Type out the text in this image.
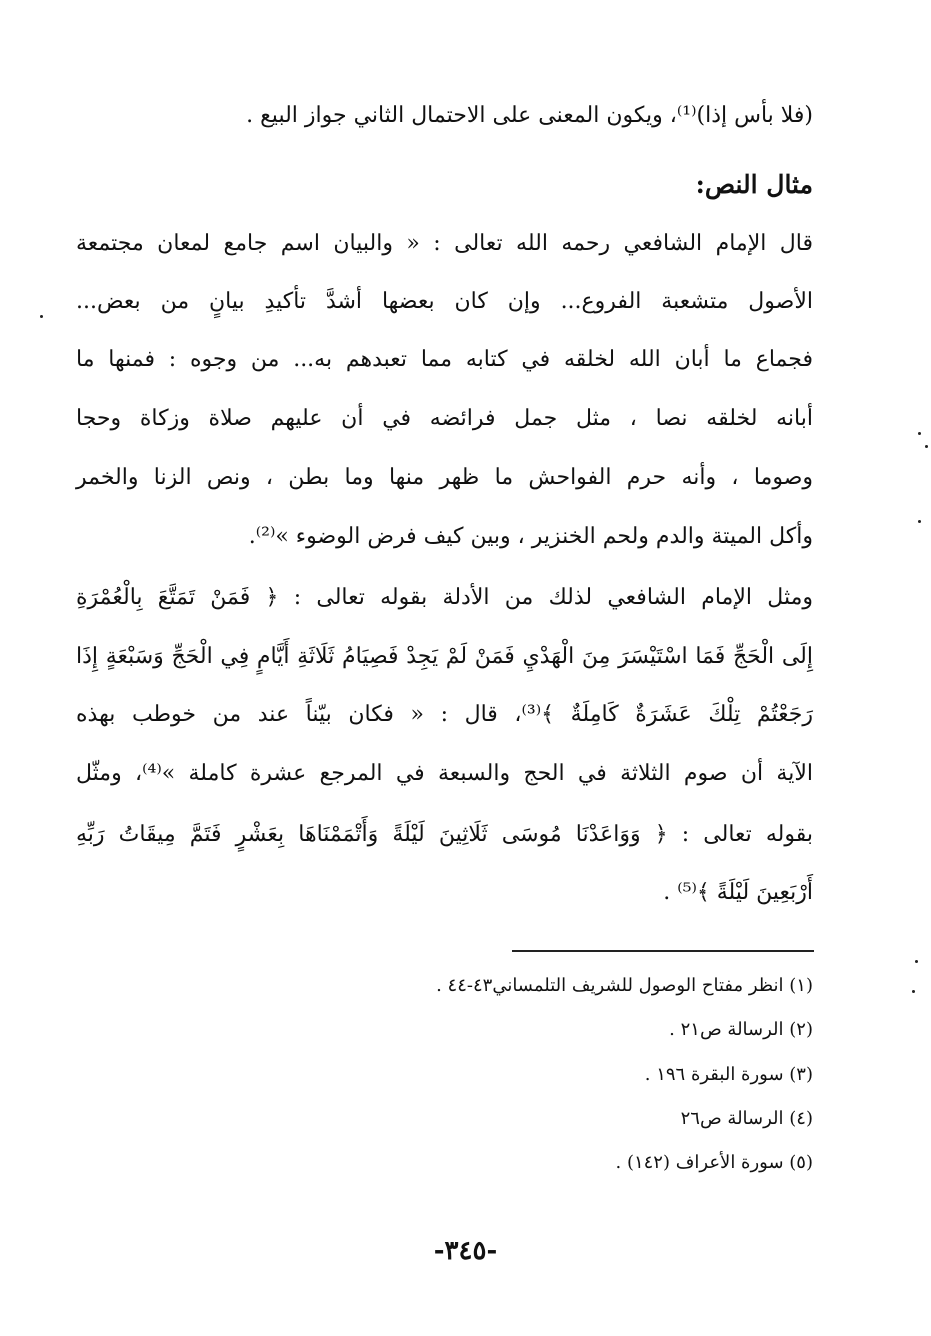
(فلا بأس إذا)⁽¹⁾، ويكون المعنى على الاحتمال الثاني جواز البيع .
مثال النص:
قال الإمام الشافعي رحمه الله تعالى : « والبيان اسم جامع لمعان مجتمعة
الأصول متشعبة الفروع... وإن كان بعضها أشدَّ تأكيدِ بيانٍ من بعض...
فجماع ما أبان الله لخلقه في كتابه مما تعبدهم به... من وجوه : فمنها ما
أبانه لخلقه نصا ، مثل جمل فرائضه في أن عليهم صلاة وزكاة وحجا
وصوما ، وأنه حرم الفواحش ما ظهر منها وما بطن ، ونص الزنا والخمر
وأكل الميتة والدم ولحم الخنزير ، وبين كيف فرض الوضوء »⁽²⁾.
ومثل الإمام الشافعي لذلك من الأدلة بقوله تعالى : ﴿ فَمَنْ تَمَتَّعَ بِالْعُمْرَةِ
إِلَى الْحَجِّ فَمَا اسْتَيْسَرَ مِنَ الْهَدْيِ فَمَنْ لَمْ يَجِدْ فَصِيَامُ ثَلَاثَةِ أَيَّامٍ فِي الْحَجِّ وَسَبْعَةٍ إِذَا
رَجَعْتُمْ تِلْكَ عَشَرَةٌ كَامِلَةٌ ﴾⁽³⁾، قال : « فكان بيّناً عند من خوطب بهذه
الآية أن صوم الثلاثة في الحج والسبعة في المرجع عشرة كاملة »⁽⁴⁾، ومثّل
بقوله تعالى : ﴿ وَوَاعَدْنَا مُوسَى ثَلَاثِينَ لَيْلَةً وَأَتْمَمْنَاهَا بِعَشْرٍ فَتَمَّ مِيقَاتُ رَبِّهِ
أَرْبَعِينَ لَيْلَةً ﴾⁽⁵⁾ .
(١) انظر مفتاح الوصول للشريف التلمساني٤٣-٤٤ .
(٢) الرسالة ص٢١ .
(٣) سورة البقرة ١٩٦ .
(٤) الرسالة ص٢٦
(٥) سورة الأعراف (١٤٢) .
-٣٤٥-
